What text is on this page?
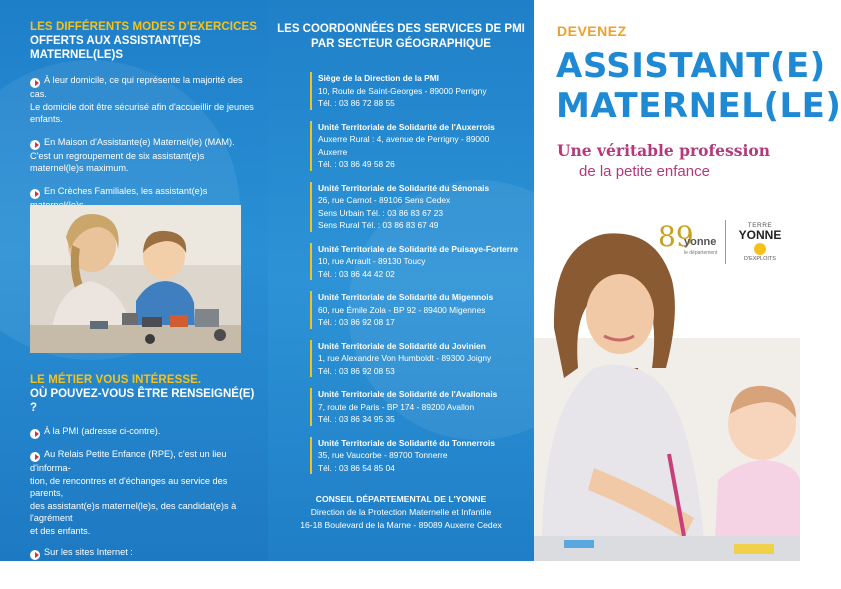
LES DIFFÉRENTS MODES D'EXERCICES
OFFERTS AUX ASSISTANT(E)S MATERNEL(LE)S
À leur domicile, ce qui représente la majorité des cas.
Le domicile doit être sécurisé afin d'accueillir de jeunes enfants.
En Maison d'Assistante(e) Maternel(le) (MAM).
C'est un regroupement de six assistant(e)s
maternel(le)s maximum.
En Crèches Familiales, les assistant(e)s
LE MÉTIER VOUS INTÉRESSE.
OÙ POUVEZ-VOUS ÊTRE RENSEIGNÉ(E) ?
À la PMI (adresse ci-contre).
Au Relais Petite Enfance (RPE), c'est un lieu d'informa-
tion, de rencontres et d'échanges au service des parents,
des assistant(e)s maternel(le)s, des candidat(e)s à l'agrément
et des enfants.
Sur les sites Internet :
• yonne-assmat.fr (Conseil Départemental de l'Yonne)
• monenfant.fr (Caisse d'Allocations Familiales)
LES COORDONNÉES DES SERVICES DE PMI
PAR SECTEUR GÉOGRAPHIQUE
Siège de la Direction de la PMI
10, Route de Saint-Georges - 89000 Perrigny
Tél. : 03 86 72 88 55
Unité Territoriale de Solidarité de l'Auxerrois
Auxerre Rural : 4, avenue de Perrigny - 89000 Auxerre
Tél. : 03 86 49 58 26
Unité Territoriale de Solidarité du Sénonais
26, rue Carnot - 89106 Sens Cedex
Sens Urbain Tél. : 03 86 83 67 23
Sens Rural Tél. : 03 86 83 67 49
Unité Territoriale de Solidarité de Puisaye-Forterre
10, rue Arrault - 89130 Toucy
Tél. : 03 86 44 42 02
Unité Territoriale de Solidarité du Migennois
60, rue Émile Zola - BP 92 - 89400 Migennes
Tél. : 03 86 92 08 17
Unité Territoriale de Solidarité du Jovinien
1, rue Alexandre Von Humboldt - 89300 Joigny
Tél. : 03 86 92 08 53
Unité Territoriale de Solidarité de l'Avallonais
7, route de Paris - BP 174 - 89200 Avallon
Tél. : 03 86 34 95 35
Unité Territoriale de Solidarité du Tonnerrois
35, rue Vaucorbe - 89700 Tonnerre
Tél. : 03 86 54 85 04
CONSEIL DÉPARTEMENTAL DE L'YONNE
Direction de la Protection Maternelle et Infantile
16-18 Boulevard de la Marne - 89089 Auxerre Cedex
DEVENEZ
ASSISTANT(E)
MATERNEL(LE)
Une véritable profession
de la petite enfance
89
yonne
le département
TERRE
YONNE
D'EXPLOITS
